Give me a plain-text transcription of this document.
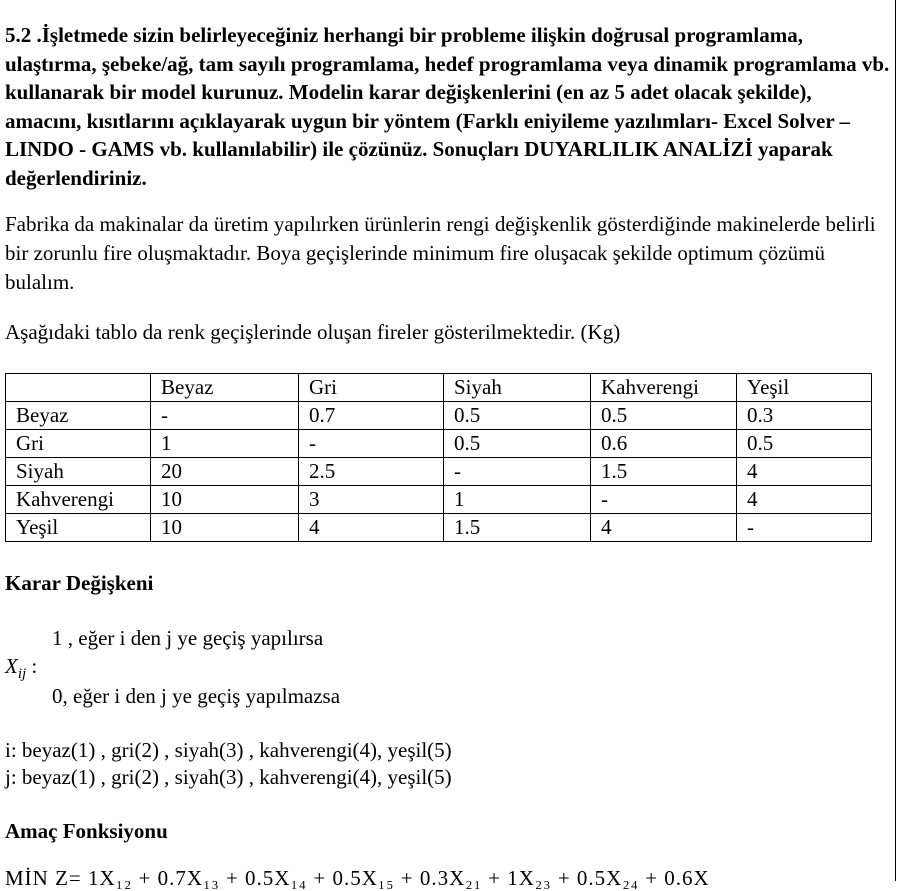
5.2 .İşletmede sizin belirleyeceğiniz herhangi bir probleme ilişkin doğrusal programlama, ulaştırma, şebeke/ağ, tam sayılı programlama, hedef programlama veya dinamik programlama vb. kullanarak bir model kurunuz. Modelin karar değişkenlerini (en az 5 adet olacak şekilde), amacını, kısıtlarını açıklayarak uygun bir yöntem (Farklı eniyileme yazılımları- Excel Solver – LINDO - GAMS vb. kullanılabilir) ile çözünüz. Sonuçları DUYARLILIK ANALİZİ yaparak değerlendiriniz.

Fabrika da makinalar da üretim yapılırken ürünlerin rengi değişkenlik gösterdiğinde makinelerde belirli bir zorunlu fire oluşmaktadır. Boya geçişlerinde minimum fire oluşacak şekilde optimum çözümü bulalım.

Aşağıdaki tablo da renk geçişlerinde oluşan fireler gösterilmektedir. (Kg)

	Beyaz	Gri	Siyah	Kahverengi	Yeşil
Beyaz	-	0.7	0.5	0.5	0.3
Gri	1	-	0.5	0.6	0.5
Siyah	20	2.5	-	1.5	4
Kahverengi	10	3	1	-	4
Yeşil	10	4	1.5	4	-
Karar Değişkeni
1 , eğer i den j ye geçiş yapılırsa
$X_{ij}$ :
0, eğer i den j ye geçiş yapılmazsa
i: beyaz(1) , gri(2) , siyah(3) , kahverengi(4), yeşil(5)
j: beyaz(1) , gri(2) , siyah(3) , kahverengi(4), yeşil(5)
Amaç Fonksiyonu
MİN Z= 1X₁₂ + 0.7X₁₃ + 0.5X₁₄ + 0.5X₁₅ + 0.3X₂₁ + 1X₂₃ + 0.5X₂₄ + 0.6X
